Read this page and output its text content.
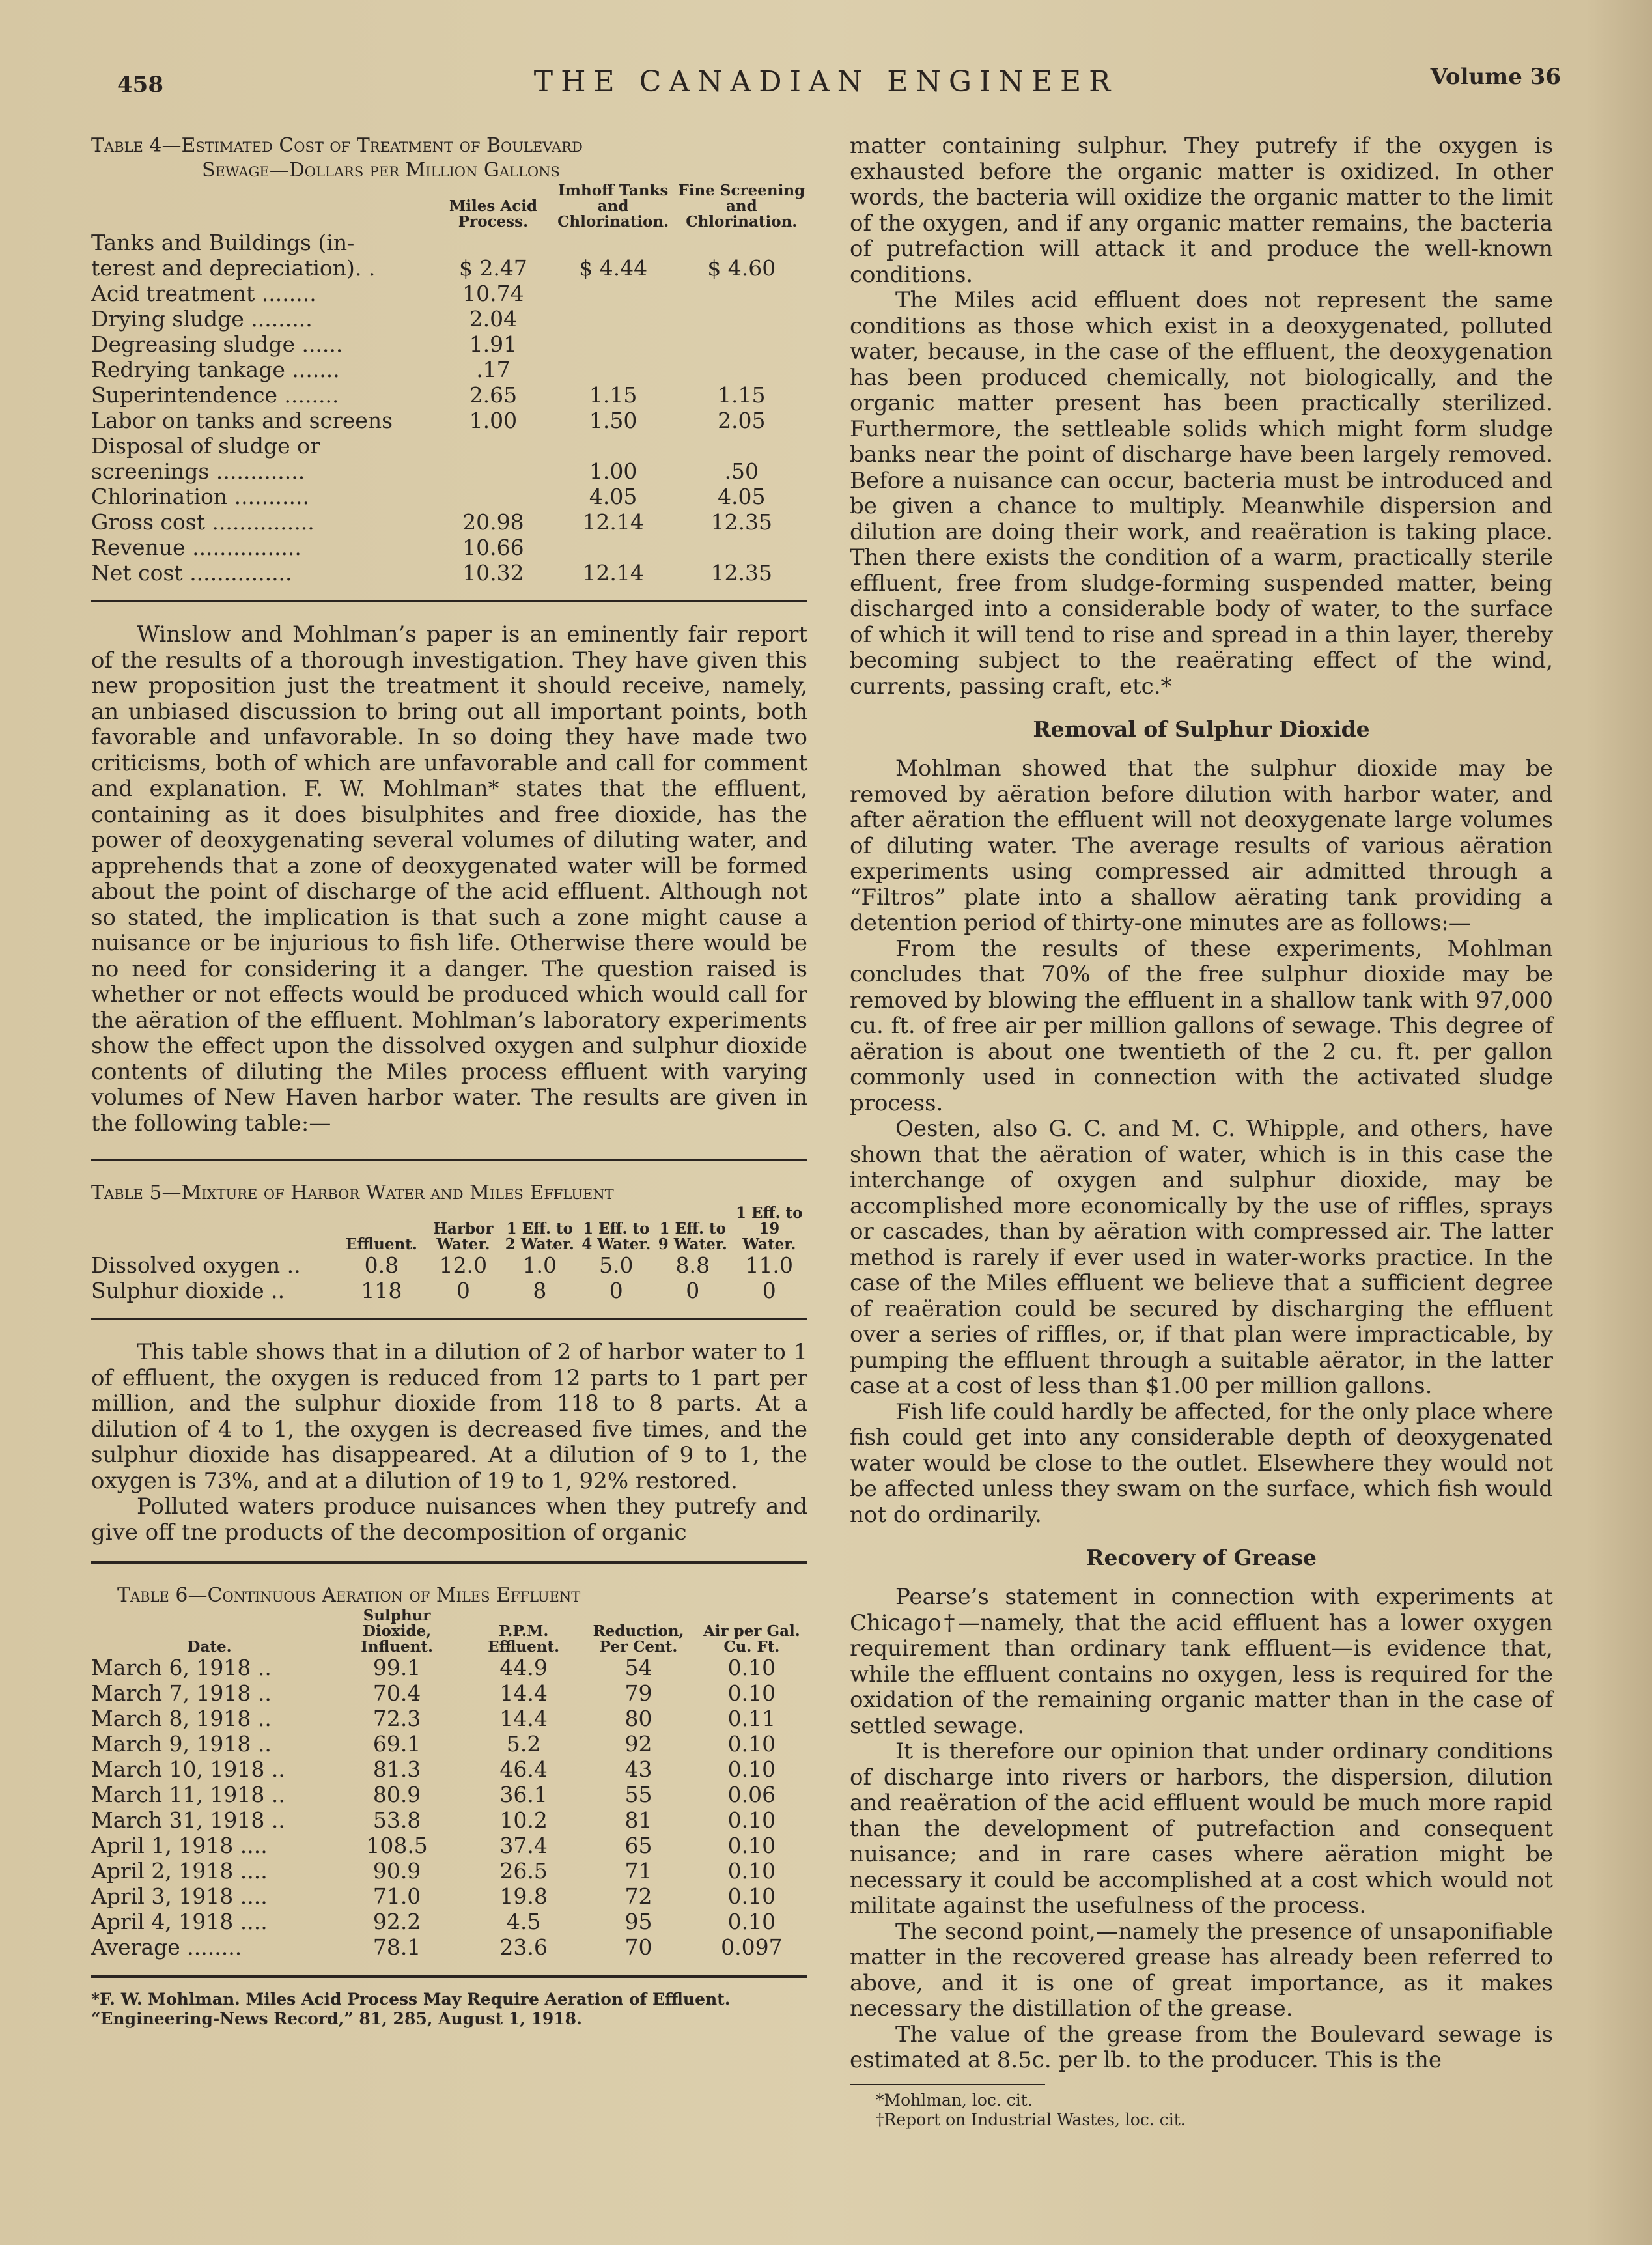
458	THE CANADIAN ENGINEER	Volume 36
Table 4—Estimated Cost of Treatment of Boulevard
Sewage—Dollars per Million Gallons
	Miles Acid Process.	Imhoff Tanks and Chlorination.	Fine Screening and Chlorination.
Tanks and Buildings (in-			
terest and depreciation). .	$ 2.47	$ 4.44	$ 4.60
Acid treatment ........	10.74		
Drying sludge .........	2.04		
Degreasing sludge ......	1.91		
Redrying tankage .......	.17		
Superintendence ........	2.65	1.15	1.15
Labor on tanks and screens	1.00	1.50	2.05
Disposal of sludge or			
screenings .............		1.00	.50
Chlorination ...........		4.05	4.05
Gross cost ...............	20.98	12.14	12.35
Revenue ................	10.66		
Net cost ...............	10.32	12.14	12.35

Winslow and Mohlman’s paper is an eminently fair report of the results of a thorough investigation. They have given this new proposition just the treatment it should receive, namely, an unbiased discussion to bring out all important points, both favorable and unfavorable. In so doing they have made two criticisms, both of which are unfavorable and call for comment and explanation. F. W. Mohlman* states that the effluent, containing as it does bisulphites and free dioxide, has the power of deoxygenating several volumes of diluting water, and apprehends that a zone of deoxygenated water will be formed about the point of discharge of the acid effluent. Although not so stated, the implication is that such a zone might cause a nuisance or be injurious to fish life. Otherwise there would be no need for considering it a danger. The question raised is whether or not effects would be produced which would call for the aëration of the effluent. Mohlman’s laboratory experiments show the effect upon the dissolved oxygen and sulphur dioxide contents of diluting the Miles process effluent with varying volumes of New Haven harbor water. The results are given in the following table:—

Table 5—Mixture of Harbor Water and Miles Effluent
	Effluent.	Harbor Water.	1 Eff. to 2 Water.	1 Eff. to 4 Water.	1 Eff. to 9 Water.	1 Eff. to 19 Water.
Dissolved oxygen ..	0.8	12.0	1.0	5.0	8.8	11.0
Sulphur dioxide ..	118	0	8	0	0	0

This table shows that in a dilution of 2 of harbor water to 1 of effluent, the oxygen is reduced from 12 parts to 1 part per million, and the sulphur dioxide from 118 to 8 parts. At a dilution of 4 to 1, the oxygen is decreased five times, and the sulphur dioxide has disappeared. At a dilution of 9 to 1, the oxygen is 73%, and at a dilution of 19 to 1, 92% restored.

Polluted waters produce nuisances when they putrefy and give off tne products of the decomposition of organic

Table 6—Continuous Aeration of Miles Effluent
Date.	Sulphur Dioxide, Influent.	P.P.M. Effluent.	Reduction, Per Cent.	Air per Gal. Cu. Ft.
March 6, 1918 ..	99.1	44.9	54	0.10
March 7, 1918 ..	70.4	14.4	79	0.10
March 8, 1918 ..	72.3	14.4	80	0.11
March 9, 1918 ..	69.1	5.2	92	0.10
March 10, 1918 ..	81.3	46.4	43	0.10
March 11, 1918 ..	80.9	36.1	55	0.06
March 31, 1918 ..	53.8	10.2	81	0.10
April 1, 1918 ....	108.5	37.4	65	0.10
April 2, 1918 ....	90.9	26.5	71	0.10
April 3, 1918 ....	71.0	19.8	72	0.10
April 4, 1918 ....	92.2	4.5	95	0.10
Average ........	78.1	23.6	70	0.097
*F. W. Mohlman. Miles Acid Process May Require Aeration of Effluent. “Engineering-News Record,” 81, 285, August 1, 1918.

matter containing sulphur. They putrefy if the oxygen is exhausted before the organic matter is oxidized. In other words, the bacteria will oxidize the organic matter to the limit of the oxygen, and if any organic matter remains, the bacteria of putrefaction will attack it and produce the well-known conditions.

The Miles acid effluent does not represent the same conditions as those which exist in a deoxygenated, polluted water, because, in the case of the effluent, the deoxygenation has been produced chemically, not biologically, and the organic matter present has been practically sterilized. Furthermore, the settleable solids which might form sludge banks near the point of discharge have been largely removed. Before a nuisance can occur, bacteria must be introduced and be given a chance to multiply. Meanwhile dispersion and dilution are doing their work, and reaëration is taking place. Then there exists the condition of a warm, practically sterile effluent, free from sludge-forming suspended matter, being discharged into a considerable body of water, to the surface of which it will tend to rise and spread in a thin layer, thereby becoming subject to the reaërating effect of the wind, currents, passing craft, etc.*

Removal of Sulphur Dioxide

Mohlman showed that the sulphur dioxide may be removed by aëration before dilution with harbor water, and after aëration the effluent will not deoxygenate large volumes of diluting water. The average results of various aëration experiments using compressed air admitted through a “Filtros” plate into a shallow aërating tank providing a detention period of thirty-one minutes are as follows:—

From the results of these experiments, Mohlman concludes that 70% of the free sulphur dioxide may be removed by blowing the effluent in a shallow tank with 97,000 cu. ft. of free air per million gallons of sewage. This degree of aëration is about one twentieth of the 2 cu. ft. per gallon commonly used in connection with the activated sludge process.

Oesten, also G. C. and M. C. Whipple, and others, have shown that the aëration of water, which is in this case the interchange of oxygen and sulphur dioxide, may be accomplished more economically by the use of riffles, sprays or cascades, than by aëration with compressed air. The latter method is rarely if ever used in water-works practice. In the case of the Miles effluent we believe that a sufficient degree of reaëration could be secured by discharging the effluent over a series of riffles, or, if that plan were impracticable, by pumping the effluent through a suitable aërator, in the latter case at a cost of less than $1.00 per million gallons.

Fish life could hardly be affected, for the only place where fish could get into any considerable depth of deoxygenated water would be close to the outlet. Elsewhere they would not be affected unless they swam on the surface, which fish would not do ordinarily.

Recovery of Grease

Pearse’s statement in connection with experiments at Chicago†—namely, that the acid effluent has a lower oxygen requirement than ordinary tank effluent—is evidence that, while the effluent contains no oxygen, less is required for the oxidation of the remaining organic matter than in the case of settled sewage.

It is therefore our opinion that under ordinary conditions of discharge into rivers or harbors, the dispersion, dilution and reaëration of the acid effluent would be much more rapid than the development of putrefaction and consequent nuisance; and in rare cases where aëration might be necessary it could be accomplished at a cost which would not militate against the usefulness of the process.

The second point,—namely the presence of unsaponifiable matter in the recovered grease has already been referred to above, and it is one of great importance, as it makes necessary the distillation of the grease.

The value of the grease from the Boulevard sewage is estimated at 8.5c. per lb. to the producer. This is the

*Mohlman, loc. cit.
†Report on Industrial Wastes, loc. cit.
